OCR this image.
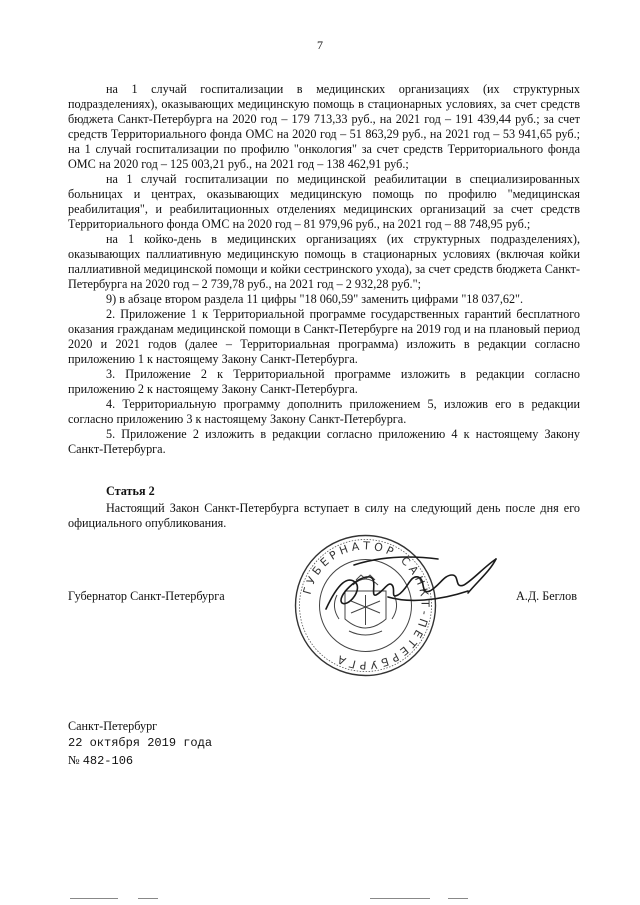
7

на 1 случай госпитализации в медицинских организациях (их структурных подразделениях), оказывающих медицинскую помощь в стационарных условиях, за счет средств бюджета Санкт-Петербурга на 2020 год – 179 713,33 руб., на 2021 год – 191 439,44 руб.; за счет средств Территориального фонда ОМС на 2020 год – 51 863,29 руб., на 2021 год – 53 941,65 руб.; на 1 случай госпитализации по профилю "онкология" за счет средств Территориального фонда ОМС на 2020 год – 125 003,21 руб., на 2021 год – 138 462,91 руб.;

на 1 случай госпитализации по медицинской реабилитации в специализированных больницах и центрах, оказывающих медицинскую помощь по профилю "медицинская реабилитация", и реабилитационных отделениях медицинских организаций за счет средств Территориального фонда ОМС на 2020 год – 81 979,96 руб., на 2021 год – 88 748,95 руб.;

на 1 койко-день в медицинских организациях (их структурных подразделениях), оказывающих паллиативную медицинскую помощь в стационарных условиях (включая койки паллиативной медицинской помощи и койки сестринского ухода), за счет средств бюджета Санкт-Петербурга на 2020 год – 2 739,78 руб., на 2021 год – 2 932,28 руб.";

9) в абзаце втором раздела 11 цифры "18 060,59" заменить цифрами "18 037,62".

2. Приложение 1 к Территориальной программе государственных гарантий бесплатного оказания гражданам медицинской помощи в Санкт-Петербурге на 2019 год и на плановый период 2020 и 2021 годов (далее – Территориальная программа) изложить в редакции согласно приложению 1 к настоящему Закону Санкт-Петербурга.

3. Приложение 2 к Территориальной программе изложить в редакции согласно приложению 2 к настоящему Закону Санкт-Петербурга.

4. Территориальную программу дополнить приложением 5, изложив его в редакции согласно приложению 3 к настоящему Закону Санкт-Петербурга.

5. Приложение 2 изложить в редакции согласно приложению 4 к настоящему Закону Санкт-Петербурга.

Статья 2

Настоящий Закон Санкт-Петербурга вступает в силу на следующий день после дня его официального опубликования.

Губернатор Санкт-Петербурга	А.Д. Беглов
ГУБЕРНАТОР САНКТ-ПЕТЕРБУРГА
Санкт-Петербург
22 октября 2019 года
№ 482-106
